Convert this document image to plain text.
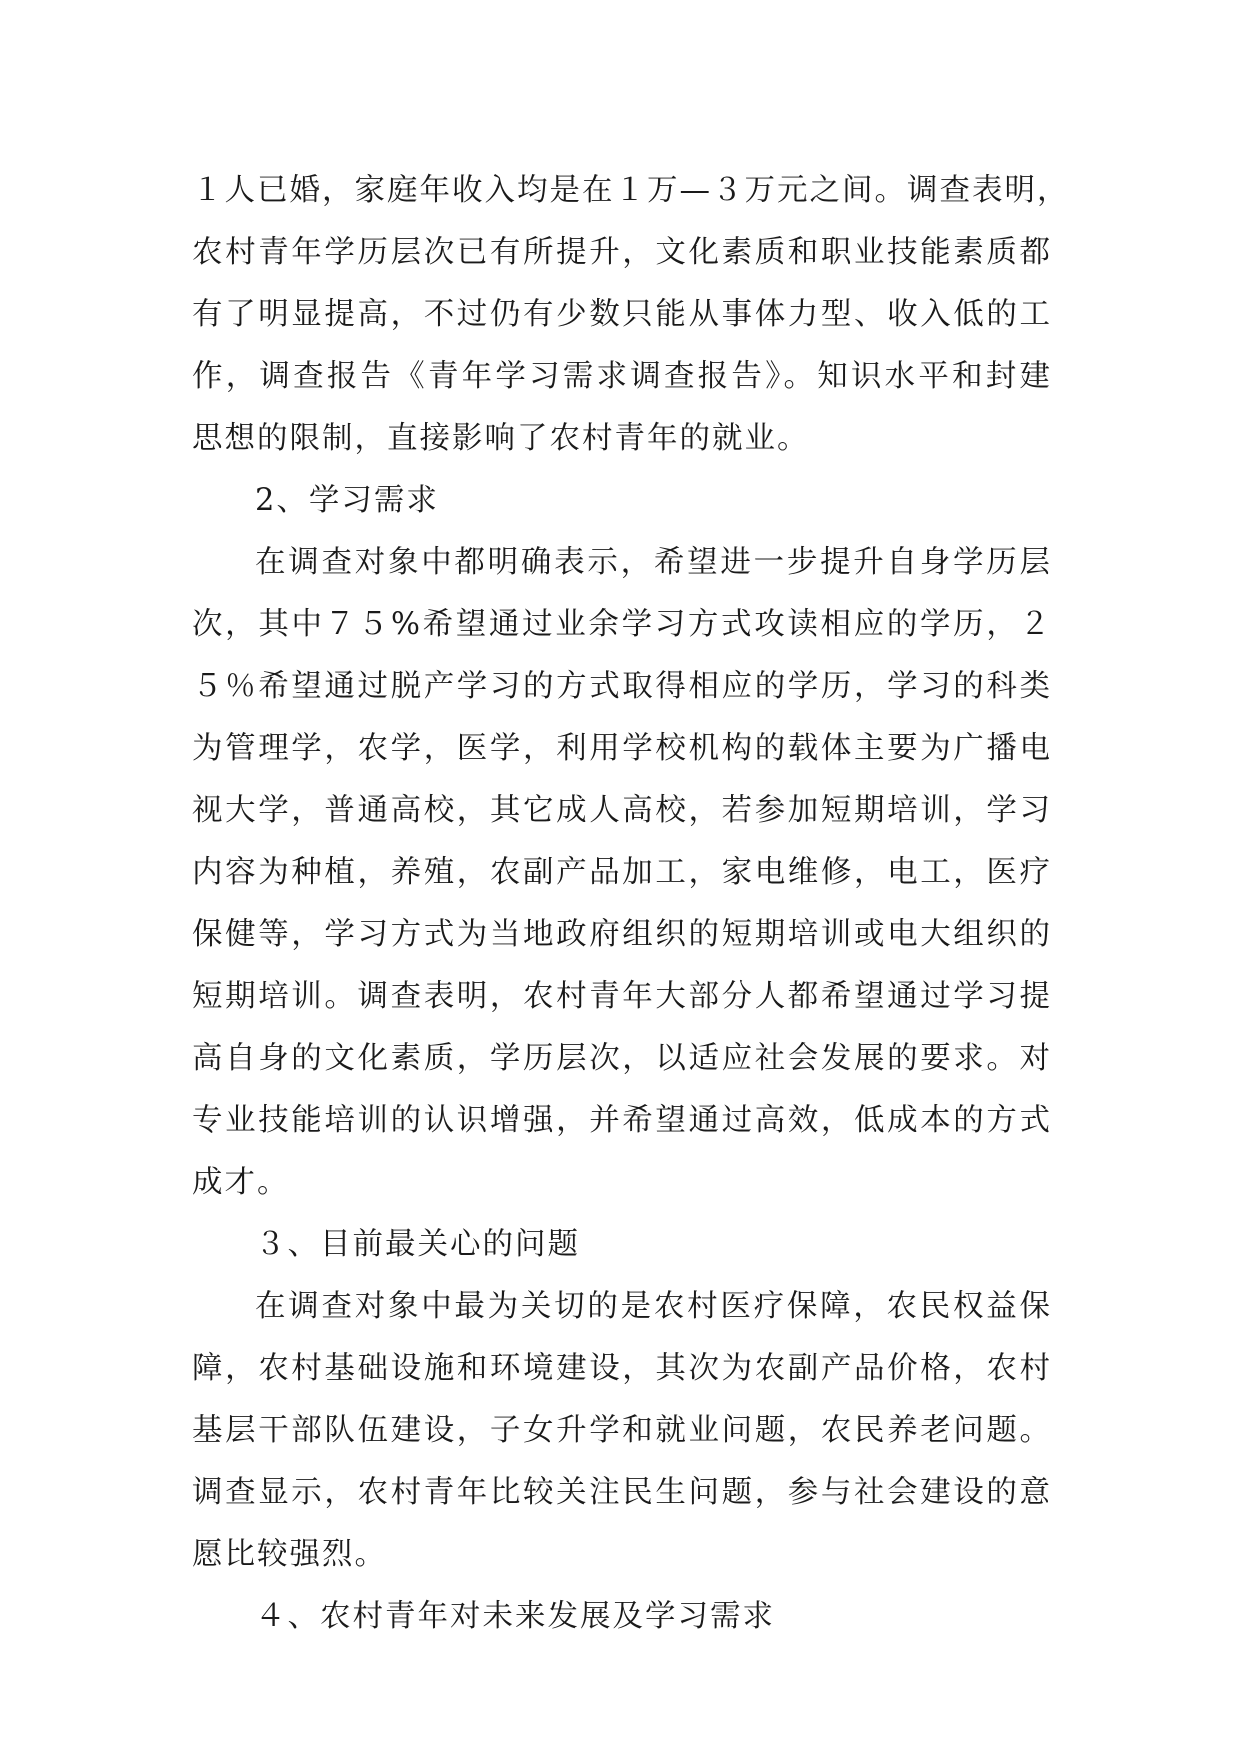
１人已婚，家庭年收入均是在１万—３万元之间。调查表明，
农村青年学历层次已有所提升，文化素质和职业技能素质都
有了明显提高，不过仍有少数只能从事体力型、收入低的工
作，调查报告《青年学习需求调查报告》。知识水平和封建
思想的限制，直接影响了农村青年的就业。
2、学习需求
在调查对象中都明确表示，希望进一步提升自身学历层
次，其中７５%希望通过业余学习方式攻读相应的学历，２
５％希望通过脱产学习的方式取得相应的学历，学习的科类
为管理学，农学，医学，利用学校机构的载体主要为广播电
视大学，普通高校，其它成人高校，若参加短期培训，学习
内容为种植，养殖，农副产品加工，家电维修，电工，医疗
保健等，学习方式为当地政府组织的短期培训或电大组织的
短期培训。调查表明，农村青年大部分人都希望通过学习提
高自身的文化素质，学历层次，以适应社会发展的要求。对
专业技能培训的认识增强，并希望通过高效，低成本的方式
成才。
３、目前最关心的问题
在调查对象中最为关切的是农村医疗保障，农民权益保
障，农村基础设施和环境建设，其次为农副产品价格，农村
基层干部队伍建设，子女升学和就业问题，农民养老问题。
调查显示，农村青年比较关注民生问题，参与社会建设的意
愿比较强烈。
４、农村青年对未来发展及学习需求
